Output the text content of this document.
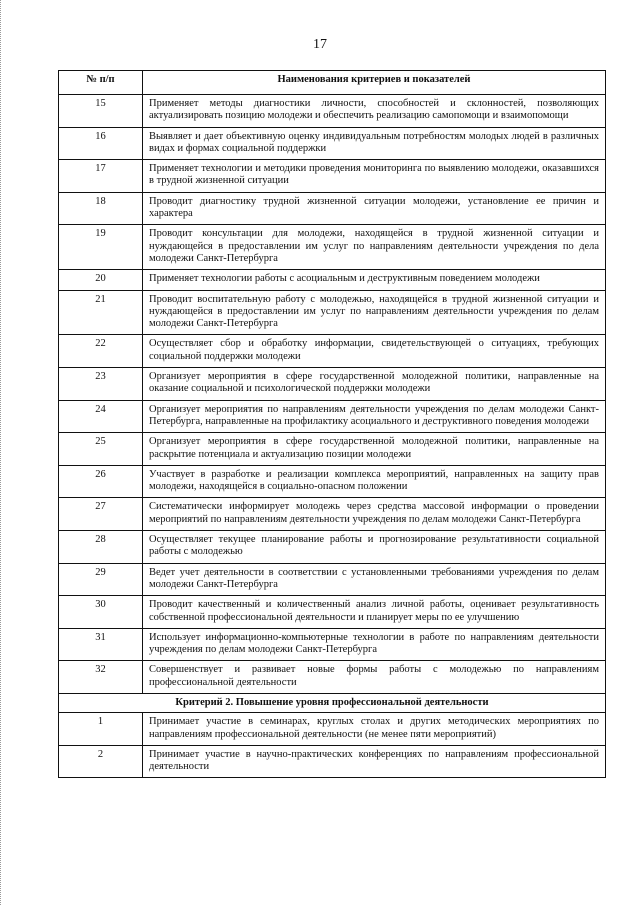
17
№ п/п	Наименования критериев и показателей
15	Применяет методы диагностики личности, способностей и склонностей, позволяющих актуализировать позицию молодежи и обеспечить реализацию самопомощи и взаимопомощи
16	Выявляет и дает объективную оценку индивидуальным потребностям молодых людей в различных видах и формах социальной поддержки
17	Применяет технологии и методики проведения мониторинга по выявлению молодежи, оказавшихся в трудной жизненной ситуации
18	Проводит диагностику трудной жизненной ситуации молодежи, установление ее причин и характера
19	Проводит консультации для молодежи, находящейся в трудной жизненной ситуации и нуждающейся в предоставлении им услуг по направлениям деятельности учреждения по дела молодежи Санкт-Петербурга
20	Применяет технологии работы с асоциальным и деструктивным поведением молодежи
21	Проводит воспитательную работу с молодежью, находящейся в трудной жизненной ситуации и нуждающейся в предоставлении им услуг по направлениям деятельности учреждения по делам молодежи Санкт-Петербурга
22	Осуществляет сбор и обработку информации, свидетельствующей о ситуациях, требующих социальной поддержки молодежи
23	Организует мероприятия в сфере государственной молодежной политики, направленные на оказание социальной и психологической поддержки молодежи
24	Организует мероприятия по направлениям деятельности учреждения по делам молодежи Санкт-Петербурга, направленные на профилактику асоциального и деструктивного поведения молодежи
25	Организует мероприятия в сфере государственной молодежной политики, направленные на раскрытие потенциала и актуализацию позиции молодежи
26	Участвует в разработке и реализации комплекса мероприятий, направленных на защиту прав молодежи, находящейся в социально-опасном положении
27	Систематически информирует молодежь через средства массовой информации о проведении мероприятий по направлениям деятельности учреждения по делам молодежи Санкт-Петербурга
28	Осуществляет текущее планирование работы и прогнозирование результативности социальной работы с молодежью
29	Ведет учет деятельности в соответствии с установленными требованиями учреждения по делам молодежи Санкт-Петербурга
30	Проводит качественный и количественный анализ личной работы, оценивает результативность собственной профессиональной деятельности и планирует меры по ее улучшению
31	Использует информационно-компьютерные технологии в работе по направлениям деятельности учреждения по делам молодежи Санкт-Петербурга
32	Совершенствует и развивает новые формы работы с молодежью по направлениям профессиональной деятельности
Критерий 2. Повышение уровня профессиональной деятельности	
1	Принимает участие в семинарах, круглых столах и других методических мероприятиях по направлениям профессиональной деятельности (не менее пяти мероприятий)
2	Принимает участие в научно-практических конференциях по направлениям профессиональной деятельности
